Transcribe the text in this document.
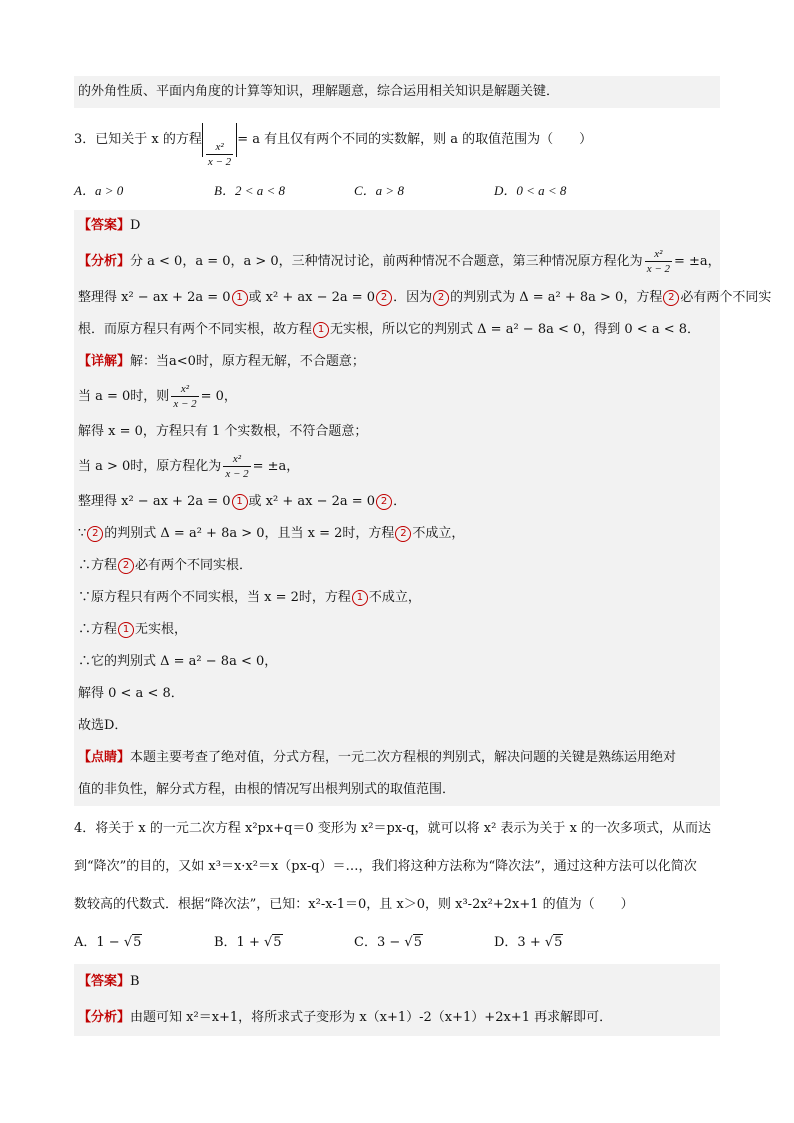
的外角性质、平面内角度的计算等知识，理解题意，综合运用相关知识是解题关键．
3．已知关于 x 的方程 $\frac{\text{x²}}{x - 2} = a$ 有且仅有两个不同的实数解，则 a 的取值范围为（　　）
A．a > 0	B．2 < a < 8	C．a > 8	D．0 < a < 8
【答案】D
【分析】分 a < 0，a = 0，a > 0，三种情况讨论，前两种情况不合题意，第三种情况原方程化为 $\frac{\text{x²}}{x - 2} = \pm a$，
整理得 x² − ax + 2a = 0 1 或 x² + ax − 2a = 0 2 ．因为 2 的判别式为 Δ = a² + 8a > 0，方程 2 必有两个不同实
根．而原方程只有两个不同实根，故方程 1 无实根，所以它的判别式 Δ = a² − 8a < 0，得到 0 < a < 8．
【详解】解：当a<0时，原方程无解，不合题意；
当 a = 0时，则 $\frac{\text{x²}}{x - 2} = 0$，
解得 x = 0，方程只有 1 个实数根，不符合题意；
当 a > 0时，原方程化为 $\frac{\text{x²}}{x - 2} = \pm a$，
整理得 x² − ax + 2a = 0 1 或 x² + ax − 2a = 0 2 ．
∵ 2 的判别式 Δ = a² + 8a > 0，且当 x = 2时，方程 2 不成立，
∴方程 2 必有两个不同实根．
∵原方程只有两个不同实根，当 x = 2时，方程 1 不成立，
∴方程 1 无实根，
∴它的判别式 Δ = a² − 8a < 0，
解得 0 < a < 8．
故选D．
【点睛】本题主要考查了绝对值，分式方程，一元二次方程根的判别式，解决问题的关键是熟练运用绝对
值的非负性，解分式方程，由根的情况写出根判别式的取值范围．
4．将关于 x 的一元二次方程 x²px+q＝0 变形为 x²＝px-q，就可以将 x² 表示为关于 x 的一次多项式，从而达
到“降次”的目的，又如 x³＝x·x²＝x（px-q）＝…，我们将这种方法称为“降次法”，通过这种方法可以化简次
数较高的代数式．根据“降次法”，已知：x²-x-1＝0，且 x＞0，则 x³-2x²+2x+1 的值为（　　）
A．1 − √5	B．1 + √5	C．3 − √5	D．3 + √5
【答案】B
【分析】由题可知 x²＝x+1，将所求式子变形为 x（x+1）-2（x+1）+2x+1 再求解即可．
